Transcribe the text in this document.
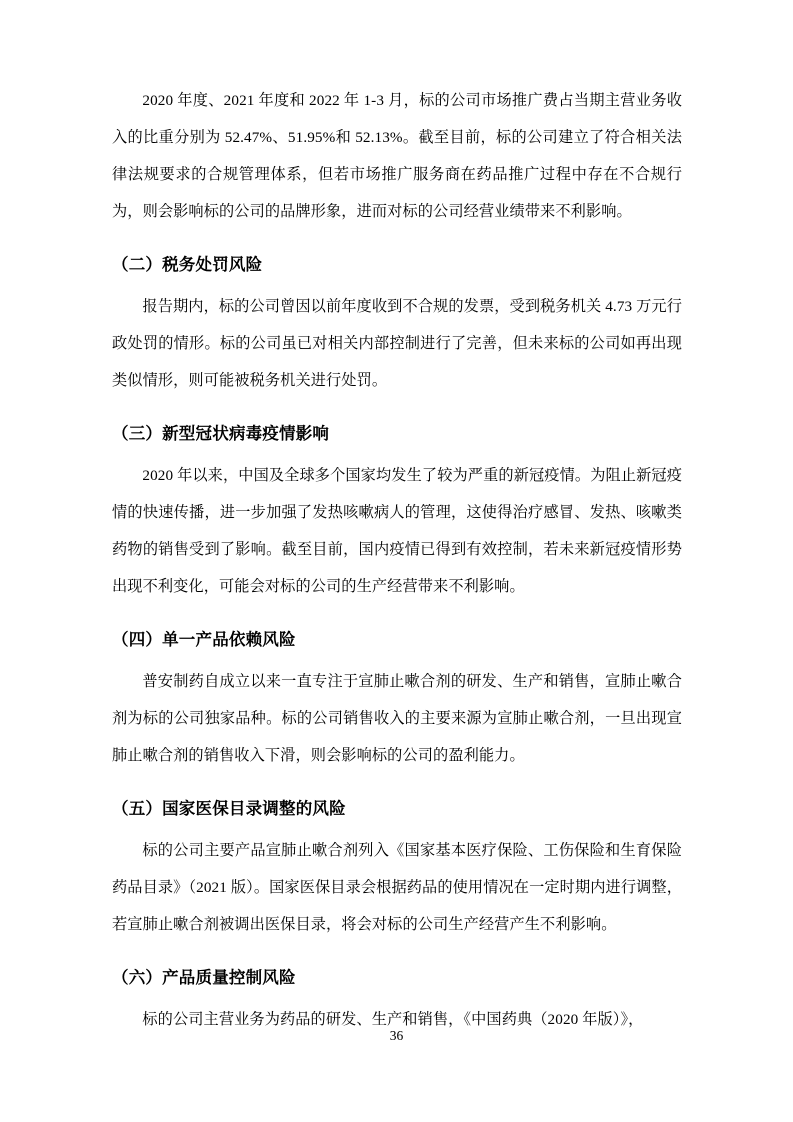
2020 年度、2021 年度和 2022 年 1-3 月，标的公司市场推广费占当期主营业务收入的比重分别为 52.47%、51.95%和 52.13%。截至目前，标的公司建立了符合相关法律法规要求的合规管理体系，但若市场推广服务商在药品推广过程中存在不合规行为，则会影响标的公司的品牌形象，进而对标的公司经营业绩带来不利影响。

（二）税务处罚风险

报告期内，标的公司曾因以前年度收到不合规的发票，受到税务机关 4.73 万元行政处罚的情形。标的公司虽已对相关内部控制进行了完善，但未来标的公司如再出现类似情形，则可能被税务机关进行处罚。

（三）新型冠状病毒疫情影响

2020 年以来，中国及全球多个国家均发生了较为严重的新冠疫情。为阻止新冠疫情的快速传播，进一步加强了发热咳嗽病人的管理，这使得治疗感冒、发热、咳嗽类药物的销售受到了影响。截至目前，国内疫情已得到有效控制，若未来新冠疫情形势出现不利变化，可能会对标的公司的生产经营带来不利影响。

（四）单一产品依赖风险

普安制药自成立以来一直专注于宣肺止嗽合剂的研发、生产和销售，宣肺止嗽合剂为标的公司独家品种。标的公司销售收入的主要来源为宣肺止嗽合剂，一旦出现宣肺止嗽合剂的销售收入下滑，则会影响标的公司的盈利能力。

（五）国家医保目录调整的风险

标的公司主要产品宣肺止嗽合剂列入《国家基本医疗保险、工伤保险和生育保险药品目录》（2021 版）。国家医保目录会根据药品的使用情况在一定时期内进行调整，若宣肺止嗽合剂被调出医保目录，将会对标的公司生产经营产生不利影响。

（六）产品质量控制风险

标的公司主营业务为药品的研发、生产和销售，《中国药典（2020 年版）》，

36
